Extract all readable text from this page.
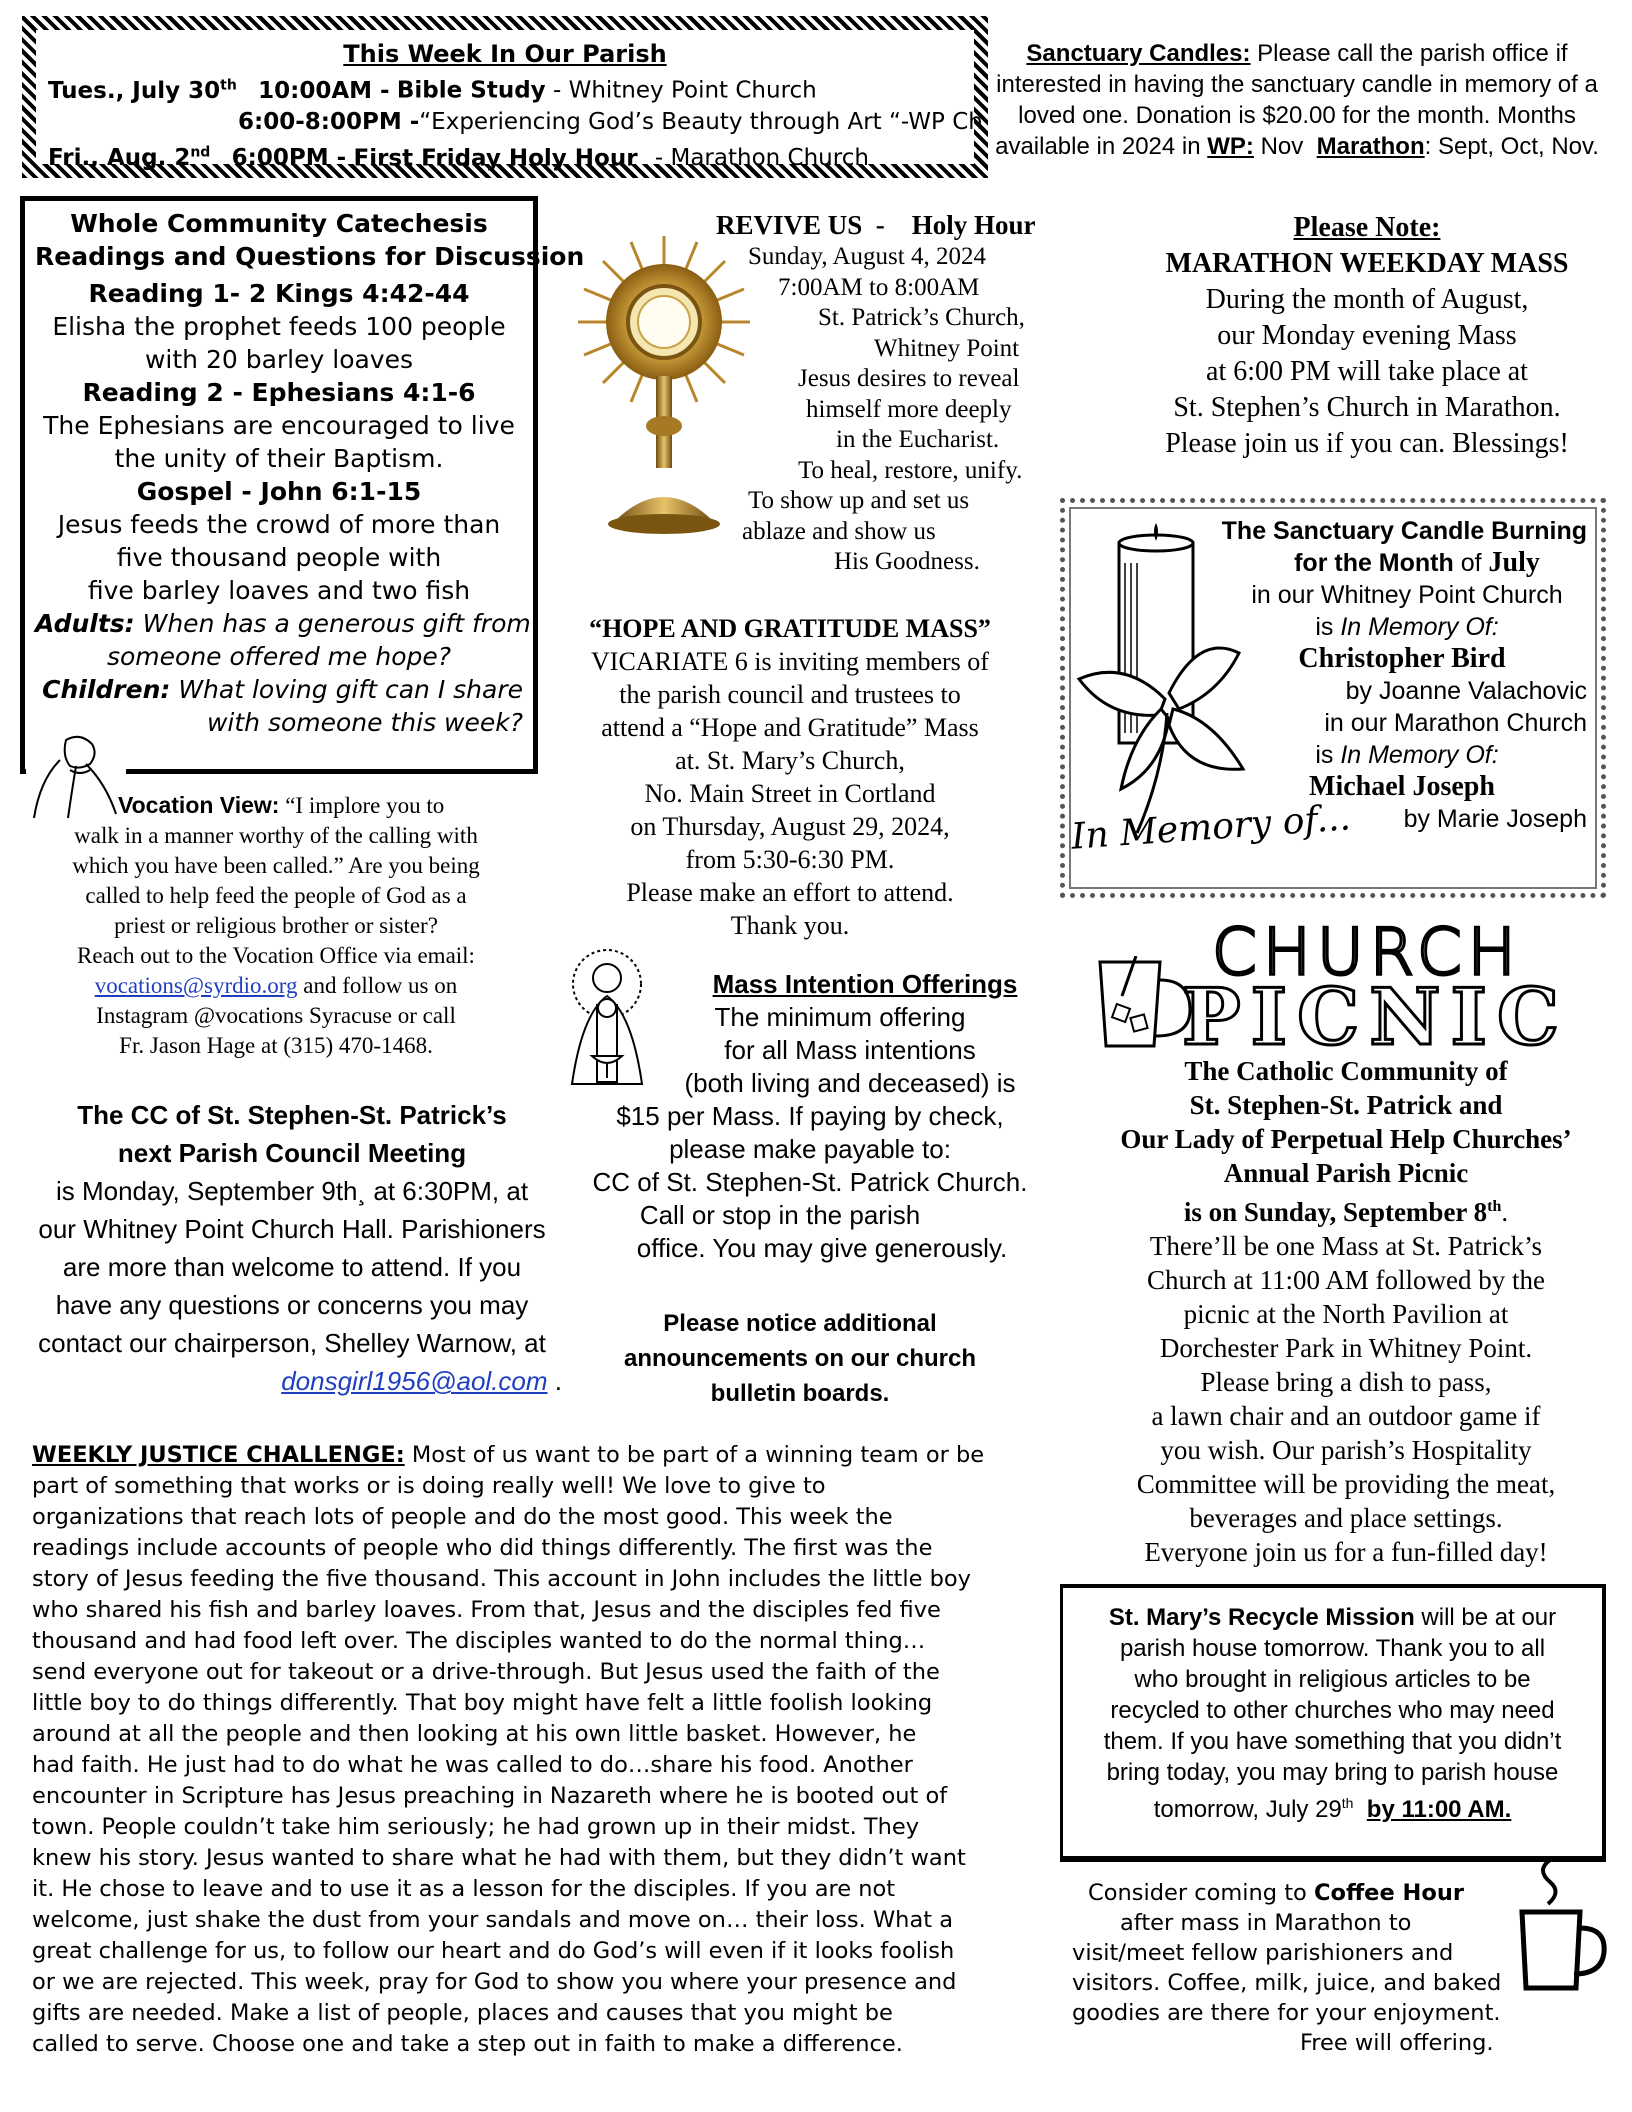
This Week In Our Parish
Tues., July 30th 10:00AM - Bible Study - Whitney Point Church
6:00-8:00PM -“Experiencing God’s Beauty through Art “-WP Ch
Fri., Aug. 2nd 6:00PM - First Friday Holy Hour - Marathon Church
Sanctuary Candles: Please call the parish office if
interested in having the sanctuary candle in memory of a
loved one. Donation is $20.00 for the month. Months
available in 2024 in WP: Nov Marathon: Sept, Oct, Nov.
Whole Community Catechesis
Readings and Questions for Discussion
Reading 1- 2 Kings 4:42-44
Elisha the prophet feeds 100 people
with 20 barley loaves
Reading 2 - Ephesians 4:1-6
The Ephesians are encouraged to live
the unity of their Baptism.
Gospel - John 6:1-15
Jesus feeds the crowd of more than
five thousand people with
five barley loaves and two fish
Adults: When has a generous gift from
someone offered me hope?
Children: What loving gift can I share
with someone this week?
REVIVE US  -    Holy Hour
Sunday, August 4, 2024
7:00AM to 8:00AM
St. Patrick’s Church,
Whitney Point
Jesus desires to reveal
himself more deeply
in the Eucharist.
To heal, restore, unify.
To show up and set us
ablaze and show us
His Goodness.
Please Note:
MARATHON WEEKDAY MASS
During the month of August,
our Monday evening Mass
at 6:00 PM will take place at
St. Stephen’s Church in Marathon.
Please join us if you can. Blessings!
In Memory of...
The Sanctuary Candle Burning
for the Month of July
in our Whitney Point Church
is In Memory Of:
Christopher Bird
by Joanne Valachovic
in our Marathon Church
is In Memory Of:
Michael Joseph
by Marie Joseph
Vocation View: “I implore you to
walk in a manner worthy of the calling with
which you have been called.” Are you being
called to help feed the people of God as a
priest or religious brother or sister?
Reach out to the Vocation Office via email:
vocations@syrdio.org and follow us on
Instagram @vocations Syracuse or call
Fr. Jason Hage at (315) 470-1468.
“HOPE AND GRATITUDE MASS”
VICARIATE 6 is inviting members of
the parish council and trustees to
attend a “Hope and Gratitude” Mass
at. St. Mary’s Church,
No. Main Street in Cortland
on Thursday, August 29, 2024,
from 5:30-6:30 PM.
Please make an effort to attend.
Thank you.
Mass Intention Offerings
The minimum offering
for all Mass intentions
(both living and deceased) is
$15 per Mass. If paying by check,
please make payable to:
CC of St. Stephen-St. Patrick Church.
Call or stop in the parish
office. You may give generously.
The CC of St. Stephen-St. Patrick’s
next Parish Council Meeting
is Monday, September 9th¸ at 6:30PM, at
our Whitney Point Church Hall. Parishioners
are more than welcome to attend. If you
have any questions or concerns you may
contact our chairperson, Shelley Warnow, at
donsgirl1956@aol.com .
Please notice additional
announcements on our church
bulletin boards.
CHURCH
PICNIC
The Catholic Community of
St. Stephen-St. Patrick and
Our Lady of Perpetual Help Churches’
Annual Parish Picnic
is on Sunday, September 8th.
There’ll be one Mass at St. Patrick’s
Church at 11:00 AM followed by the
picnic at the North Pavilion at
Dorchester Park in Whitney Point.
Please bring a dish to pass,
a lawn chair and an outdoor game if
you wish. Our parish’s Hospitality
Committee will be providing the meat,
beverages and place settings.
Everyone join us for a fun-filled day!
WEEKLY JUSTICE CHALLENGE: Most of us want to be part of a winning team or be
part of something that works or is doing really well! We love to give to
organizations that reach lots of people and do the most good. This week the
readings include accounts of people who did things differently. The first was the
story of Jesus feeding the five thousand. This account in John includes the little boy
who shared his fish and barley loaves. From that, Jesus and the disciples fed five
thousand and had food left over. The disciples wanted to do the normal thing…
send everyone out for takeout or a drive-through. But Jesus used the faith of the
little boy to do things differently. That boy might have felt a little foolish looking
around at all the people and then looking at his own little basket. However, he
had faith. He just had to do what he was called to do…share his food. Another
encounter in Scripture has Jesus preaching in Nazareth where he is booted out of
town. People couldn’t take him seriously; he had grown up in their midst. They
knew his story. Jesus wanted to share what he had with them, but they didn’t want
it. He chose to leave and to use it as a lesson for the disciples. If you are not
welcome, just shake the dust from your sandals and move on… their loss. What a
great challenge for us, to follow our heart and do God’s will even if it looks foolish
or we are rejected. This week, pray for God to show you where your presence and
gifts are needed. Make a list of people, places and causes that you might be
called to serve. Choose one and take a step out in faith to make a difference.
St. Mary’s Recycle Mission will be at our
parish house tomorrow. Thank you to all
who brought in religious articles to be
recycled to other churches who may need
them. If you have something that you didn’t
bring today, you may bring to parish house
tomorrow, July 29th by 11:00 AM.
Consider coming to Coffee Hour
after mass in Marathon to
visit/meet fellow parishioners and
visitors. Coffee, milk, juice, and baked
goodies are there for your enjoyment.
Free will offering.
